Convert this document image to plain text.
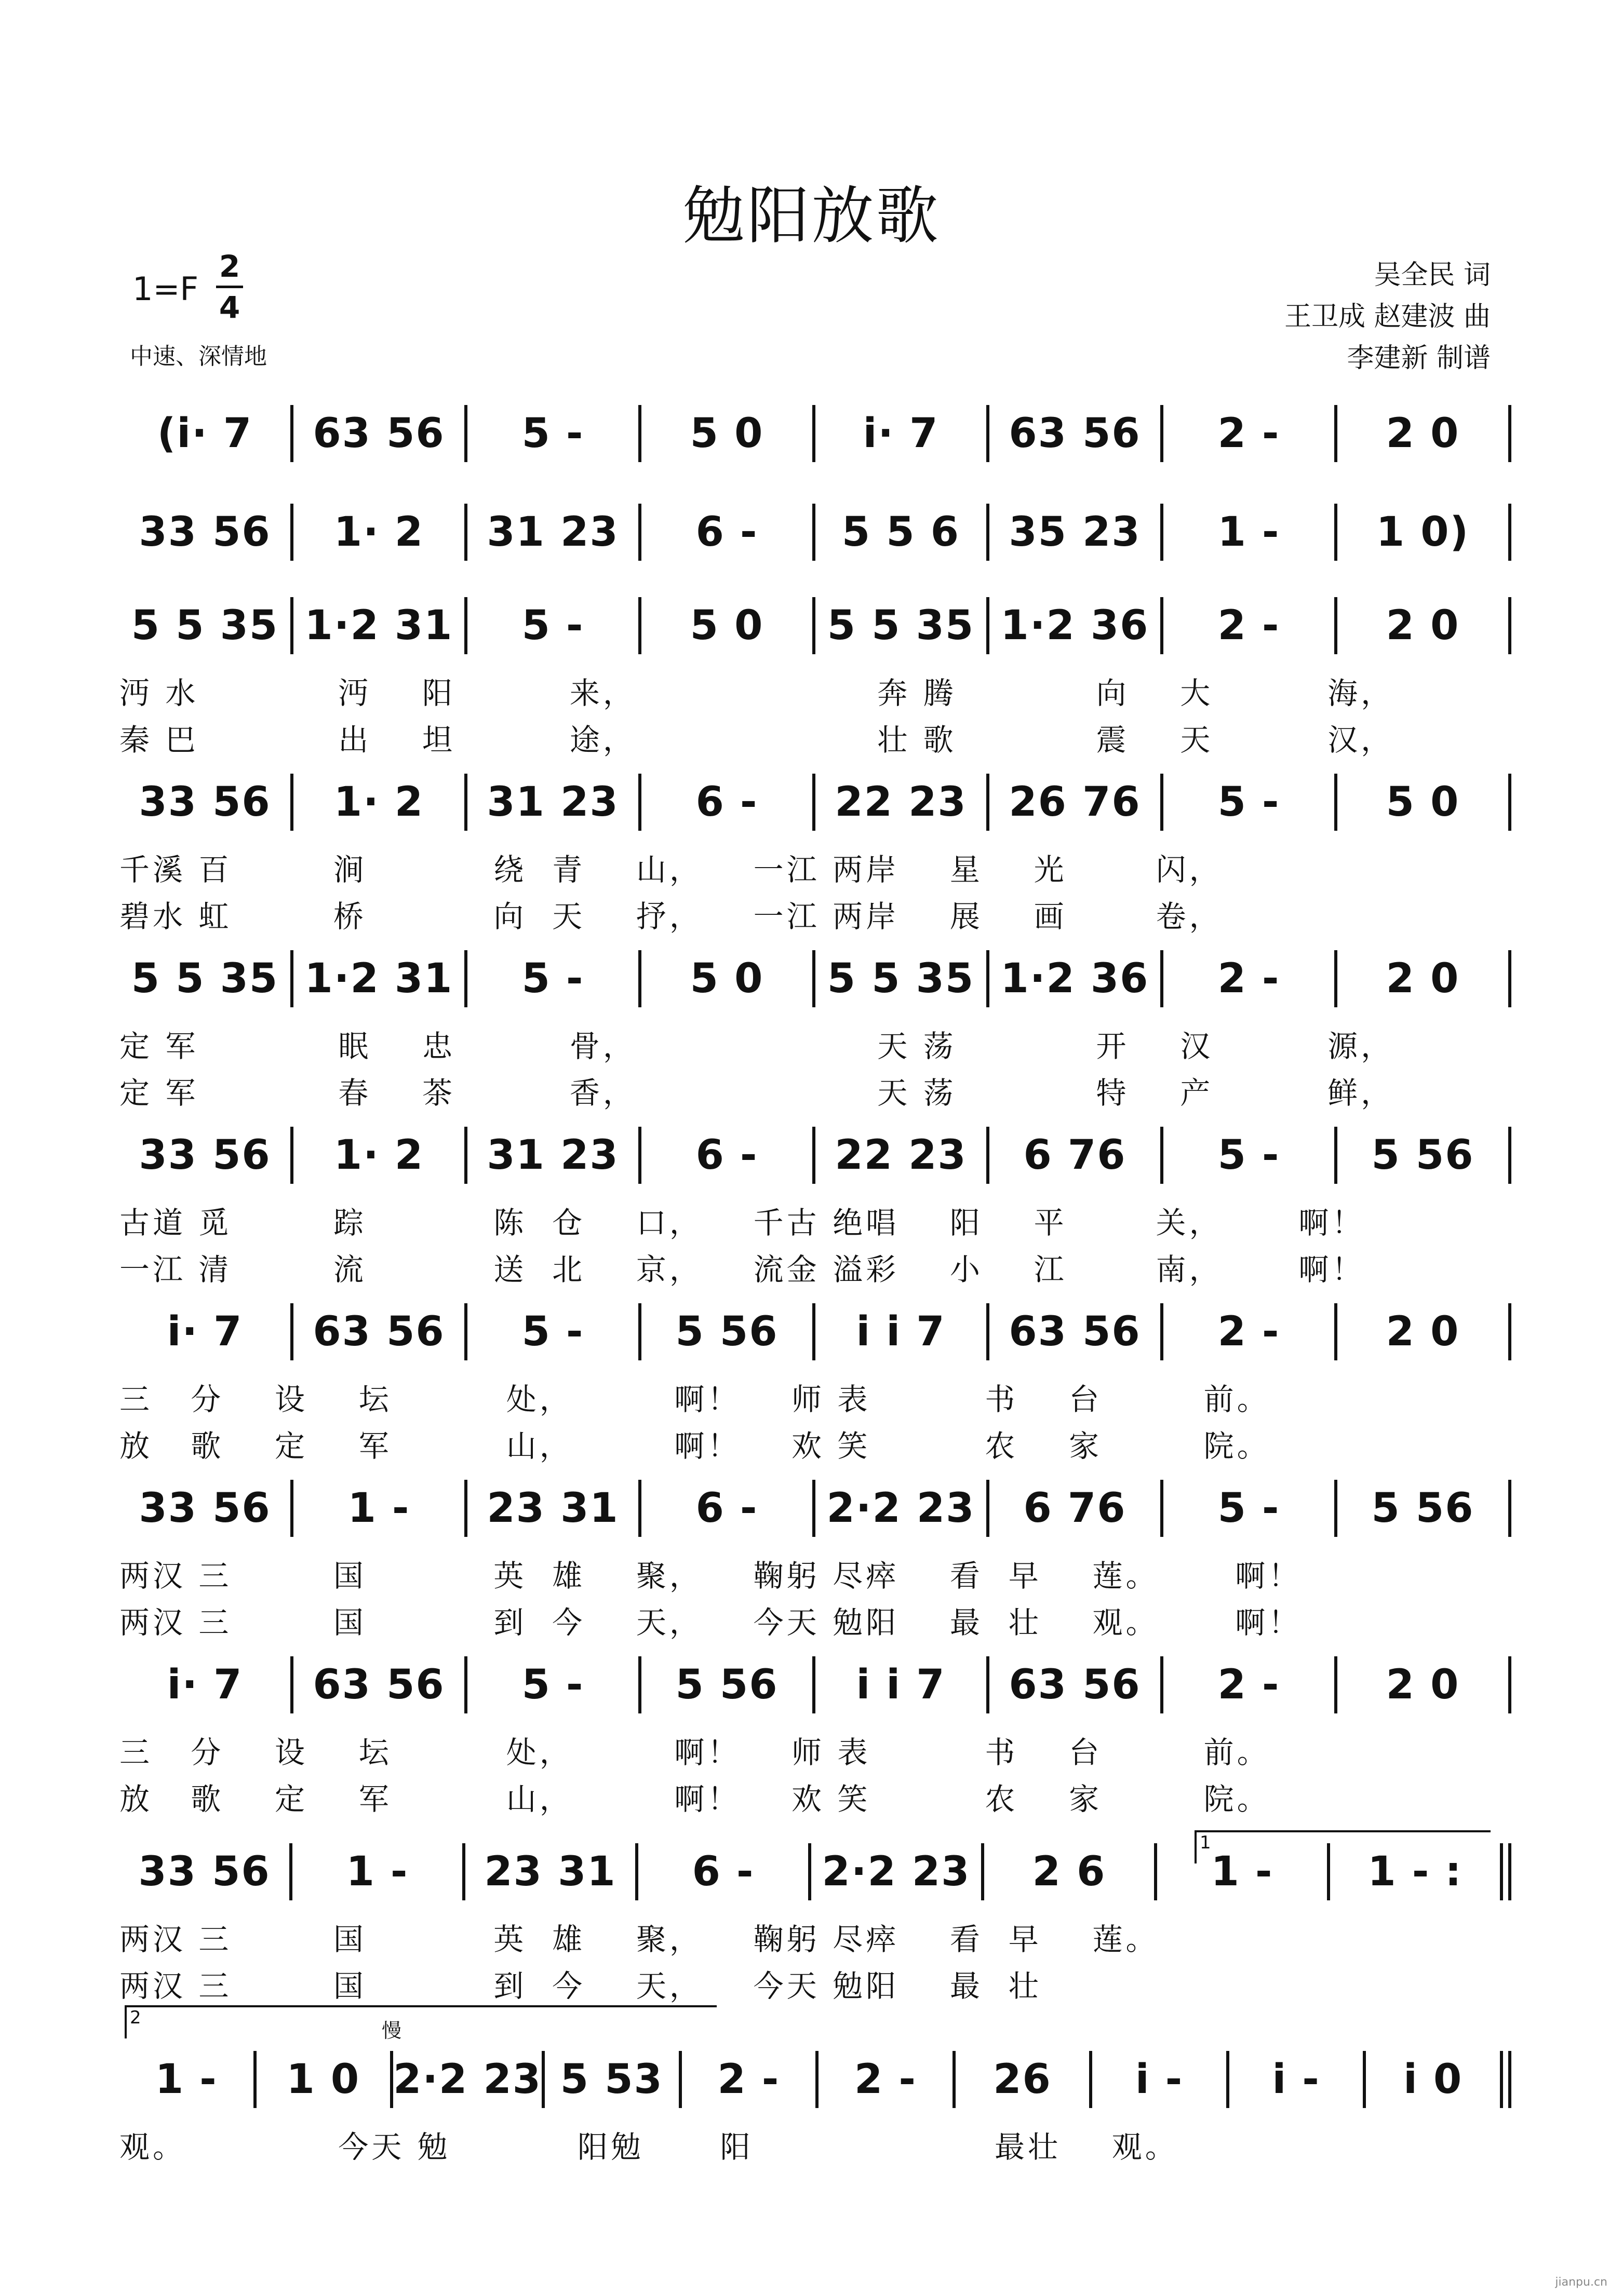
勉阳放歌
1=F
2
4
中速、深情地
吴全民 词
王卫成 赵建波 曲
李建新 制谱
(i· 7	63 56	5 -	5 0	i· 7	63 56	2 -	2 0
33 56	1· 2	31 23	6 -	5 5 6	35 23	1 -	1 0)
5 5 35 1·2 31	5 -	5 0	5 5 35 1·2 36	2 -	2 0
沔 水           沔    阳         来，                   奔 腾           向    大         海，
秦 巴           出    坦         途，                   壮 歌           震    天         汉，
33 56	1· 2	31 23	6 -	22 23	26 76	5 -	5 0
千溪 百        涧          绕  青    山，    一江 两岸    星    光       闪，
碧水 虹        桥          向  天    抒，    一江 两岸    展    画       卷，
5 5 35 1·2 31	5 -	5 0	5 5 35 1·2 36	2 -	2 0
定 军           眠    忠         骨，                   天 荡           开    汉         源，
定 军           春    茶         香，                   天 荡           特    产         鲜，
33 56	1· 2	31 23	6 -	22 23	6 76	5 -	5 56
古道 觅        踪          陈  仓    口，    千古 绝唱    阳    平       关，      啊！
一江 清        流          送  北    京，    流金 溢彩    小    江       南，      啊！
i· 7	63 56	5 -	5 56	i i 7	63 56	2 -	2 0
三   分    设    坛         处，        啊！    师 表         书    台        前。
放   歌    定    军         山，        啊！    欢 笑         农    家        院。
33 56	1 -	23 31	6 -	2·2 23	6 76	5 -	5 56
两汉 三        国          英  雄    聚，    鞠躬 尽瘁    看  早    莲。      啊！
两汉 三        国          到  今    天，    今天 勉阳    最  壮    观。      啊！
i· 7	63 56	5 -	5 56	i i 7	63 56	2 -	2 0
三   分    设    坛         处，        啊！    师 表         书    台        前。
放   歌    定    军         山，        啊！    欢 笑         农    家        院。
33 56	1 -	23 31	6 -	2·2 23	2 6	1 -	1 - :
两汉 三        国          英  雄    聚，    鞠躬 尽瘁    看  早    莲。
两汉 三        国          到  今    天，    今天 勉阳    最  壮
1 -	1 0 2·2 23 5 53	2 -	2 -	26	i -	i -	i 0
观。            今天 勉          阳勉      阳                   最壮    观。
1
2
慢
jianpu.cn
